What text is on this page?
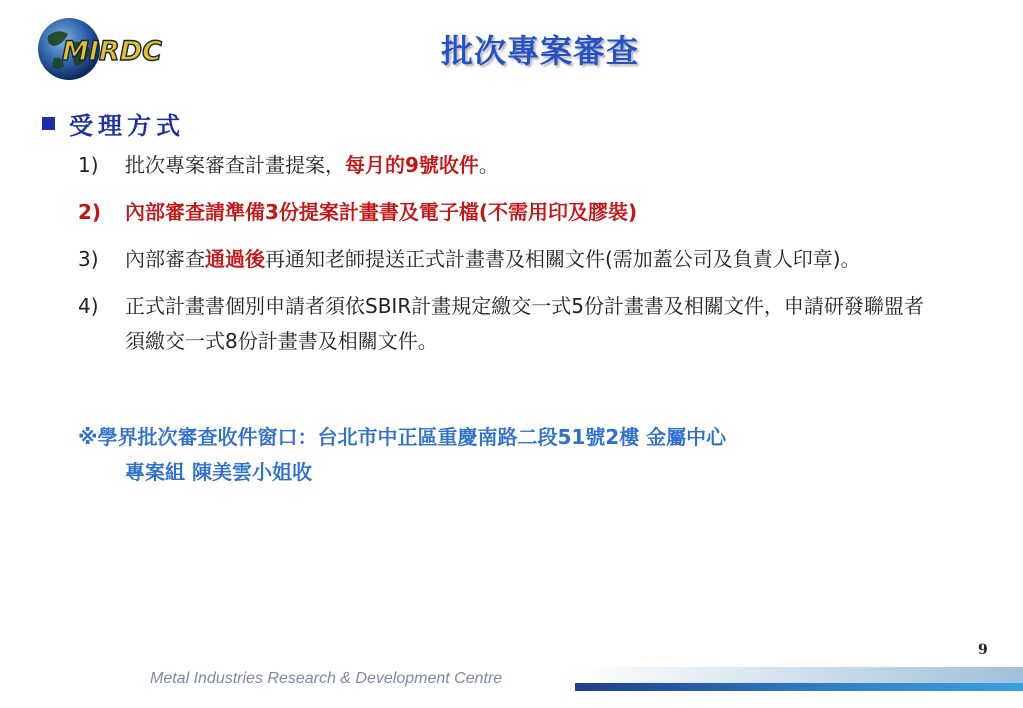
MIRDC	批次專案審查
受理方式
1)	批次專案審查計畫提案，每月的9號收件。
2)	內部審查請準備3份提案計畫書及電子檔(不需用印及膠裝)
3)	內部審查通過後再通知老師提送正式計畫書及相關文件(需加蓋公司及負責人印章)。
4)	正式計畫書個別申請者須依SBIR計畫規定繳交一式5份計畫書及相關文件，申請研發聯盟者須繳交一式8份計畫書及相關文件。
※學界批次審查收件窗口：台北市中正區重慶南路二段51號2樓 金屬中心
專案組 陳美雲小姐收
9
Metal Industries Research & Development Centre
